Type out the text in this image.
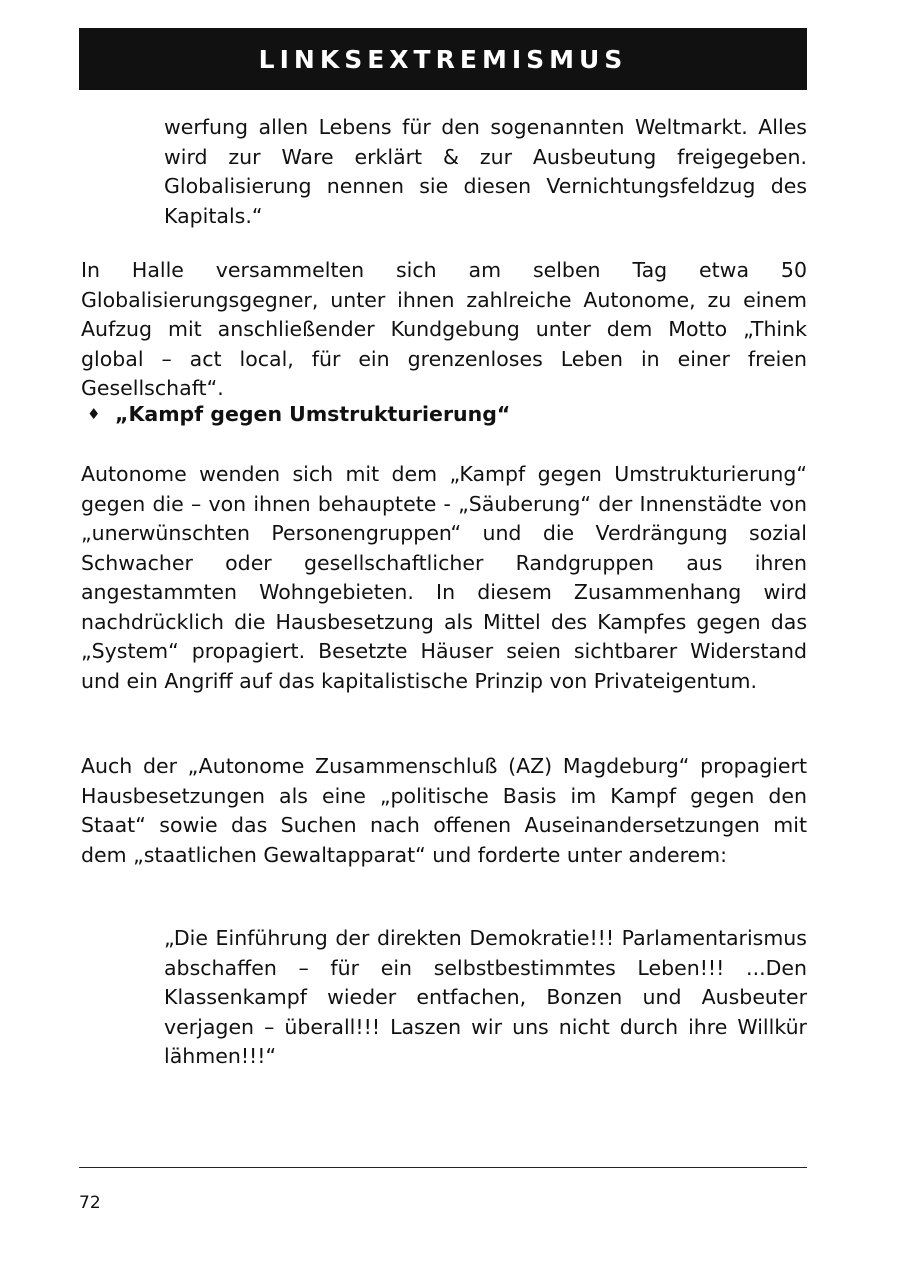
LINKSEXTREMISMUS

werfung allen Lebens für den sogenannten Weltmarkt. Alles wird zur Ware erklärt & zur Ausbeutung freigegeben. Globalisierung nennen sie diesen Vernichtungsfeldzug des Kapitals.“

In Halle versammelten sich am selben Tag etwa 50 Globalisierungsgegner, unter ihnen zahlreiche Autonome, zu einem Aufzug mit anschließender Kundgebung unter dem Motto „Think global – act local, für ein grenzenloses Leben in einer freien Gesellschaft“.

♦ „Kampf gegen Umstrukturierung“

Autonome wenden sich mit dem „Kampf gegen Umstrukturierung“ gegen die – von ihnen behauptete - „Säuberung“ der Innenstädte von „unerwünschten Personengruppen“ und die Verdrängung sozial Schwacher oder gesellschaftlicher Randgruppen aus ihren angestammten Wohngebieten. In diesem Zusammenhang wird nachdrücklich die Hausbesetzung als Mittel des Kampfes gegen das „System“ propagiert. Besetzte Häuser seien sichtbarer Widerstand und ein Angriff auf das kapitalistische Prinzip von Privateigentum.

Auch der „Autonome Zusammenschluß (AZ) Magdeburg“ propagiert Hausbesetzungen als eine „politische Basis im Kampf gegen den Staat“ sowie das Suchen nach offenen Auseinandersetzungen mit dem „staatlichen Gewaltapparat“ und forderte unter anderem:

„Die Einführung der direkten Demokratie!!! Parlamentarismus abschaffen – für ein selbstbestimmtes Leben!!! ...Den Klassenkampf wieder entfachen, Bonzen und Ausbeuter verjagen – überall!!! Laszen wir uns nicht durch ihre Willkür lähmen!!!“

72
